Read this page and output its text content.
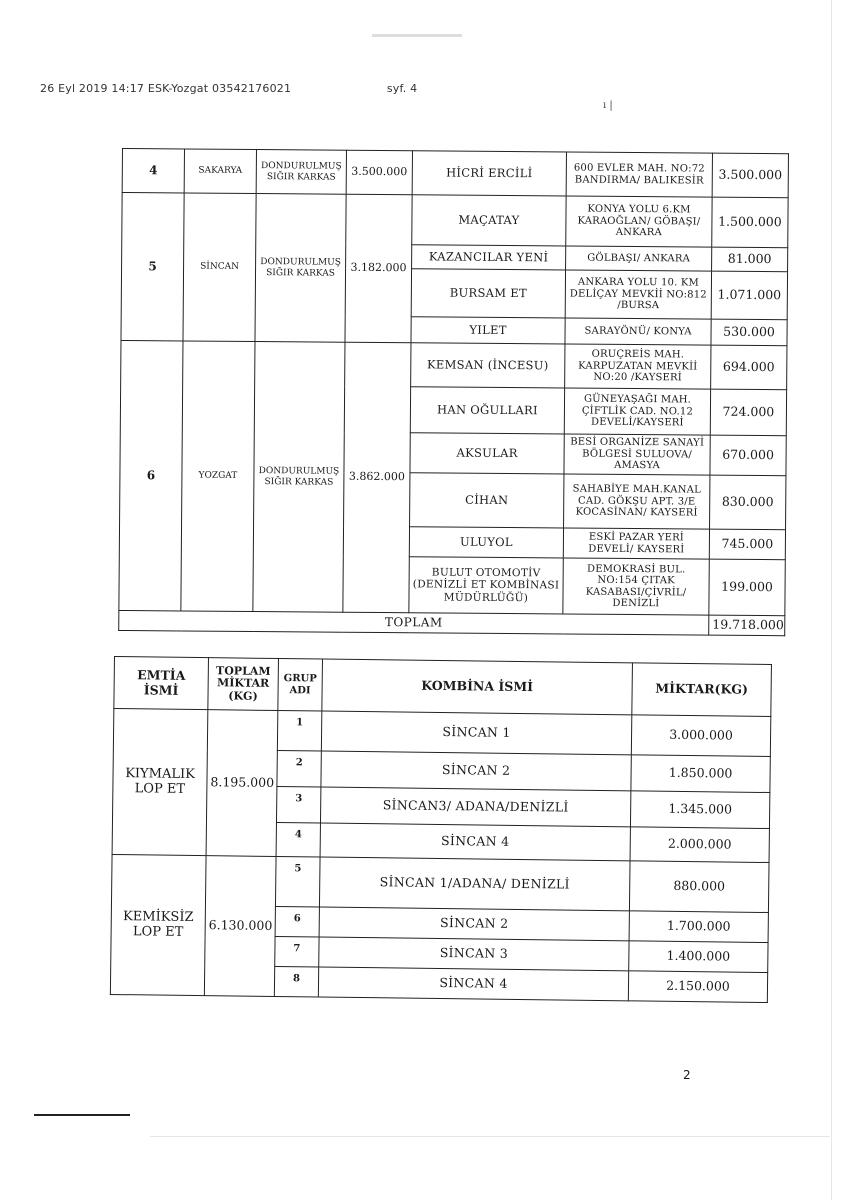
26 Eyl 2019 14:17 ESK-Yozgat 03542176021	syf. 4
ı |
4	SAKARYA	DONDURULMUŞ SIĞIR KARKAS	3.500.000	HİCRİ ERCİLİ	600 EVLER MAH. NO:72 BANDIRMA/ BALIKESİR	3.500.000
5	SİNCAN	DONDURULMUŞ SIĞIR KARKAS	3.182.000	MAÇATAY	KONYA YOLU 6.KM KARAOĞLAN/ GÖBAŞI/ ANKARA	1.500.000
				KAZANCILAR YENİ	GÖLBAŞI/ ANKARA	81.000
				BURSAM ET	ANKARA YOLU 10. KM DELİÇAY MEVKİİ NO:812 /BURSA	1.071.000
				YILET	SARAYÖNÜ/ KONYA	530.000
6	YOZGAT	DONDURULMUŞ SIĞIR KARKAS	3.862.000	KEMSAN (İNCESU)	ORUÇREİS MAH. KARPUZATAN MEVKİİ NO:20 /KAYSERİ	694.000
				HAN OĞULLARI	GÜNEYAŞAĞI MAH. ÇİFTLİK CAD. NO.12 DEVELİ/KAYSERİ	724.000
				AKSULAR	BESİ ORGANİZE SANAYİ BÖLGESİ SULUOVA/ AMASYA	670.000
				CİHAN	SAHABİYE MAH.KANAL CAD. GÖKŞU APT. 3/E KOCASİNAN/ KAYSERİ	830.000
				ULUYOL	ESKİ PAZAR YERİ DEVELİ/ KAYSERİ	745.000
				BULUT OTOMOTİV (DENİZLİ ET KOMBİNASI MÜDÜRLÜĞÜ)	DEMOKRASİ BUL. NO:154 ÇITAK KASABASI/ÇİVRİL/ DENİZLİ	199.000
TOPLAM						19.718.000
EMTİA İSMİ	TOPLAM MİKTAR (KG)	GRUP ADI	KOMBİNA İSMİ	MİKTAR(KG)
KIYMALIK LOP ET	8.195.000	1	SİNCAN 1	3.000.000
		2	SİNCAN 2	1.850.000
		3	SİNCAN3/ ADANA/DENİZLİ	1.345.000
		4	SİNCAN 4	2.000.000
KEMİKSİZ LOP ET	6.130.000	5	SİNCAN 1/ADANA/ DENİZLİ	880.000
		6	SİNCAN 2	1.700.000
		7	SİNCAN 3	1.400.000
		8	SİNCAN 4	2.150.000
2
